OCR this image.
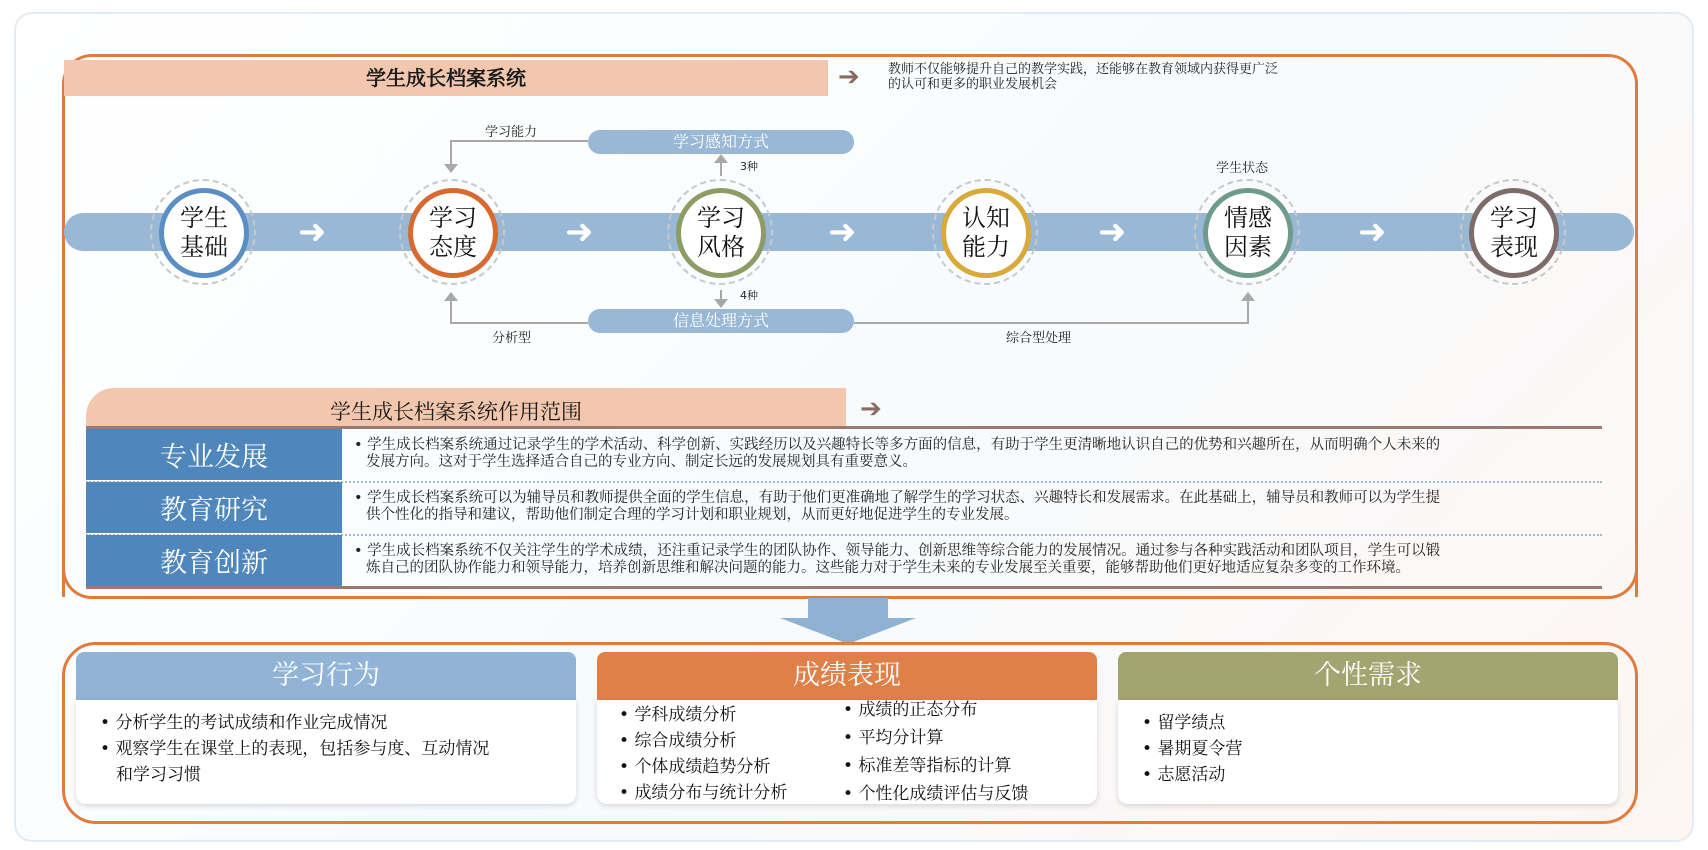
学生成长档案系统	➔ 教师不仅能够提升自己的教学实践，还能够在教育领域内获得更广泛
的认可和更多的职业发展机会
学习感知方式
信息处理方式
学习能力
3种
4种
分析型	综合型处理
学生状态
➜	➜	➜	➜	➜
学生
基础
学习
态度
学习
风格
认知
能力
情感
因素
学习
表现
学生成长档案系统作用范围	➔
专业发展	• 学生成长档案系统通过记录学生的学术活动、科学创新、实践经历以及兴趣特长等多方面的信息，有助于学生更清晰地认识自己的优势和兴趣所在，从而明确个人未来的
发展方向。这对于学生选择适合自己的专业方向、制定长远的发展规划具有重要意义。
教育研究	• 学生成长档案系统可以为辅导员和教师提供全面的学生信息，有助于他们更准确地了解学生的学习状态、兴趣特长和发展需求。在此基础上，辅导员和教师可以为学生提
供个性化的指导和建议，帮助他们制定合理的学习计划和职业规划，从而更好地促进学生的专业发展。
教育创新	• 学生成长档案系统不仅关注学生的学术成绩，还注重记录学生的团队协作、领导能力、创新思维等综合能力的发展情况。通过参与各种实践活动和团队项目，学生可以锻
炼自己的团队协作能力和领导能力，培养创新思维和解决问题的能力。这些能力对于学生未来的专业发展至关重要，能够帮助他们更好地适应复杂多变的工作环境。
学习行为
• 分析学生的考试成绩和作业完成情况
• 观察学生在课堂上的表现，包括参与度、互动情况
和学习习惯
成绩表现
• 学科成绩分析
• 综合成绩分析
• 个体成绩趋势分析
• 成绩分布与统计分析
• 成绩的正态分布
• 平均分计算
• 标准差等指标的计算
• 个性化成绩评估与反馈
个性需求
• 留学绩点
• 暑期夏令营
• 志愿活动
